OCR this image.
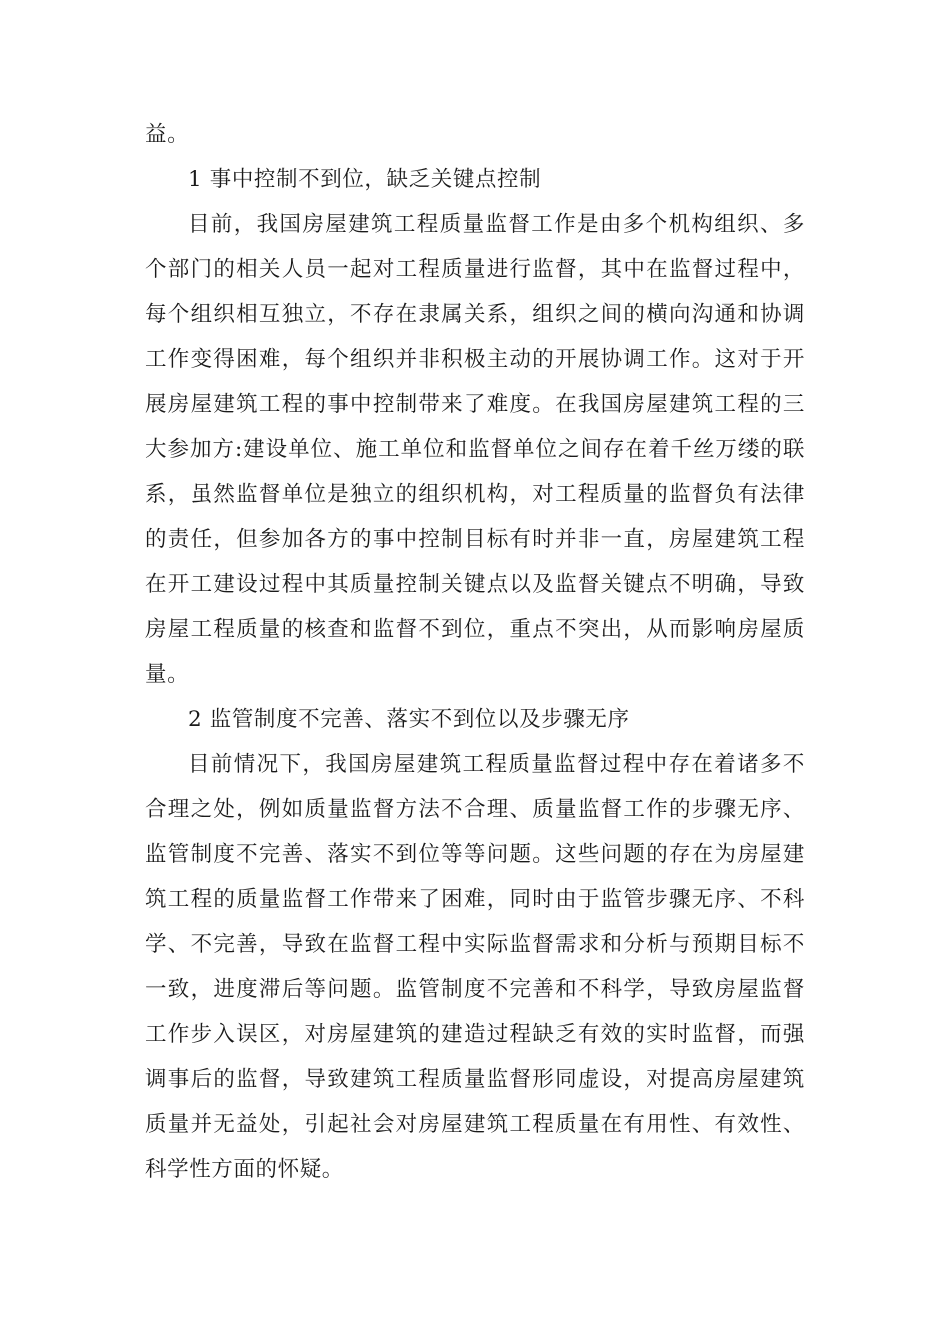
益。
1 事中控制不到位，缺乏关键点控制
目前，我国房屋建筑工程质量监督工作是由多个机构组织、多
个部门的相关人员一起对工程质量进行监督，其中在监督过程中，
每个组织相互独立，不存在隶属关系，组织之间的横向沟通和协调
工作变得困难，每个组织并非积极主动的开展协调工作。这对于开
展房屋建筑工程的事中控制带来了难度。在我国房屋建筑工程的三
大参加方:建设单位、施工单位和监督单位之间存在着千丝万缕的联
系，虽然监督单位是独立的组织机构，对工程质量的监督负有法律
的责任，但参加各方的事中控制目标有时并非一直，房屋建筑工程
在开工建设过程中其质量控制关键点以及监督关键点不明确，导致
房屋工程质量的核查和监督不到位，重点不突出，从而影响房屋质
量。
2 监管制度不完善、落实不到位以及步骤无序
目前情况下，我国房屋建筑工程质量监督过程中存在着诸多不
合理之处，例如质量监督方法不合理、质量监督工作的步骤无序、
监管制度不完善、落实不到位等等问题。这些问题的存在为房屋建
筑工程的质量监督工作带来了困难，同时由于监管步骤无序、不科
学、不完善，导致在监督工程中实际监督需求和分析与预期目标不
一致，进度滞后等问题。监管制度不完善和不科学，导致房屋监督
工作步入误区，对房屋建筑的建造过程缺乏有效的实时监督，而强
调事后的监督，导致建筑工程质量监督形同虚设，对提高房屋建筑
质量并无益处，引起社会对房屋建筑工程质量在有用性、有效性、
科学性方面的怀疑。
